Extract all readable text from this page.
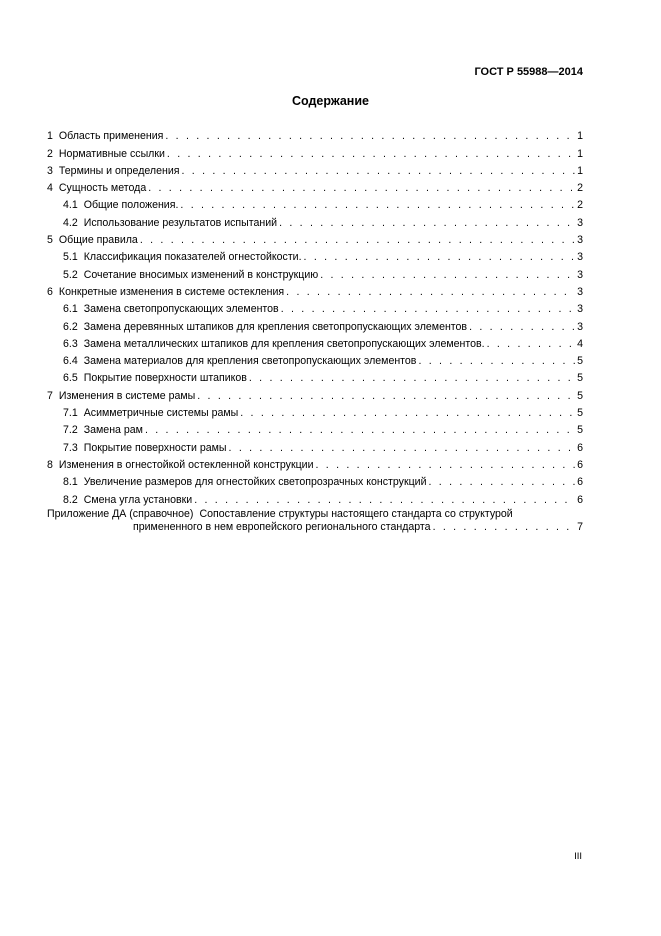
ГОСТ Р 55988—2014
Содержание
1 Область применения . . .	1
2 Нормативные ссылки . . .	1
3 Термины и определения . . .	1
4 Сущность метода . . .	2
4.1 Общие положения. . . .	2
4.2 Использование результатов испытаний . . .	3
5 Общие правила . . .	3
5.1 Классификация показателей огнестойкости. . . .	3
5.2 Сочетание вносимых изменений в конструкцию . . .	3
6 Конкретные изменения в системе остекления . . .	3
6.1 Замена светопропускающих элементов . . .	3
6.2 Замена деревянных штапиков для крепления светопропускающих элементов . . .	3
6.3 Замена металлических штапиков для крепления светопропускающих элементов. . . .	4
6.4 Замена материалов для крепления светопропускающих элементов . . .	5
6.5 Покрытие поверхности штапиков . . .	5
7 Изменения в системе рамы . . .	5
7.1 Асимметричные системы рамы . . .	5
7.2 Замена рам . . .	5
7.3 Покрытие поверхности рамы . . .	6
8 Изменения в огнестойкой остекленной конструкции . . .	6
8.1 Увеличение размеров для огнестойких светопрозрачных конструкций . . .	6
8.2 Смена угла установки . . .	6
Приложение ДА (справочное) Сопоставление структуры настоящего стандарта со структурой
примененного в нем европейского регионального стандарта . . .	7
III
